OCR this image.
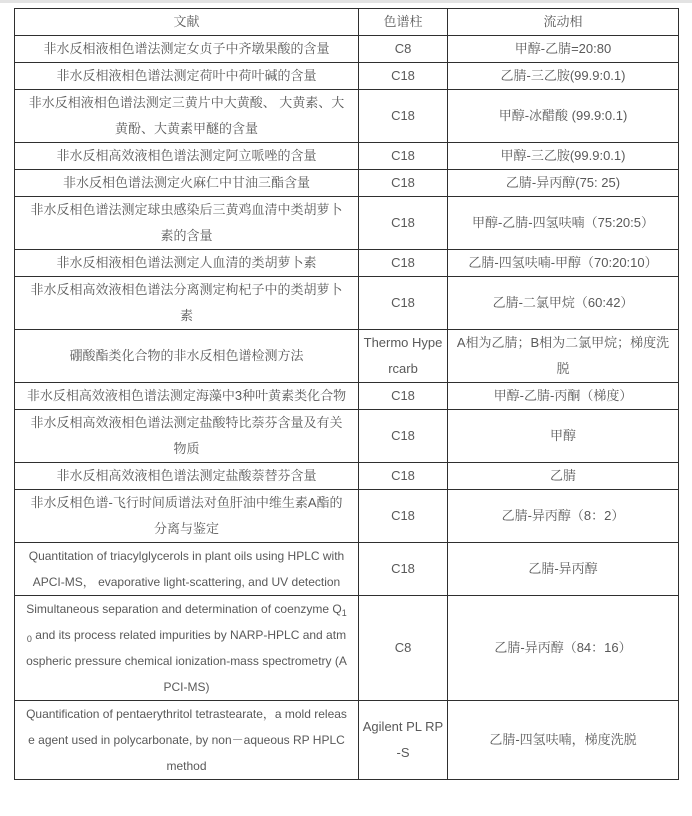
文献	色谱柱	流动相
非水反相液相色谱法测定女贞子中齐墩果酸的含量	C8	甲醇-乙腈=20:80
非水反相液相色谱法测定荷叶中荷叶碱的含量	C18	乙腈-三乙胺(99.9:0.1)
非水反相液相色谱法测定三黄片中大黄酸、 大黄素、大黄酚、大黄素甲醚的含量	C18	甲醇-冰醋酸 (99.9:0.1)
非水反相高效液相色谱法测定阿立哌唑的含量	C18	甲醇-三乙胺(99.9:0.1)
非水反相色谱法测定火麻仁中甘油三酯含量	C18	乙腈-异丙醇(75: 25)
非水反相色谱法测定球虫感染后三黄鸡血清中类胡萝卜素的含量	C18	甲醇-乙腈-四氢呋喃（75:20:5）
非水反相液相色谱法测定人血清的类胡萝卜素	C18	乙腈-四氢呋喃-甲醇（70:20:10）
非水反相高效液相色谱法分离测定枸杞子中的类胡萝卜素	C18	乙腈-二氯甲烷（60:42）
硼酸酯类化合物的非水反相色谱检测方法	Thermo Hypercarb	A相为乙腈；B相为二氯甲烷；梯度洗脱
非水反相高效液相色谱法测定海藻中3种叶黄素类化合物	C18	甲醇-乙腈-丙酮（梯度）
非水反相高效液相色谱法测定盐酸特比萘芬含量及有关物质	C18	甲醇
非水反相高效液相色谱法测定盐酸萘替芬含量	C18	乙腈
非水反相色谱-飞行时间质谱法对鱼肝油中维生素A酯的分离与鉴定	C18	乙腈-异丙醇（8：2）
Quantitation of triacylglycerols in plant oils using HPLC with APCI-MS， evaporative light-scattering, and UV detection	C18	乙腈-异丙醇
Simultaneous separation and determination of coenzyme $Q_{10}$ and its process related impurities by NARP-HPLC and atmospheric pressure chemical ionization-mass spectrometry (APCI-MS)	C8	乙腈-异丙醇（84：16）
Quantification of pentaerythritol tetrastearate，a mold release agent used in polycarbonate, by non－aqueous RP HPLC method	Agilent PL RP-S	乙腈-四氢呋喃，梯度洗脱
